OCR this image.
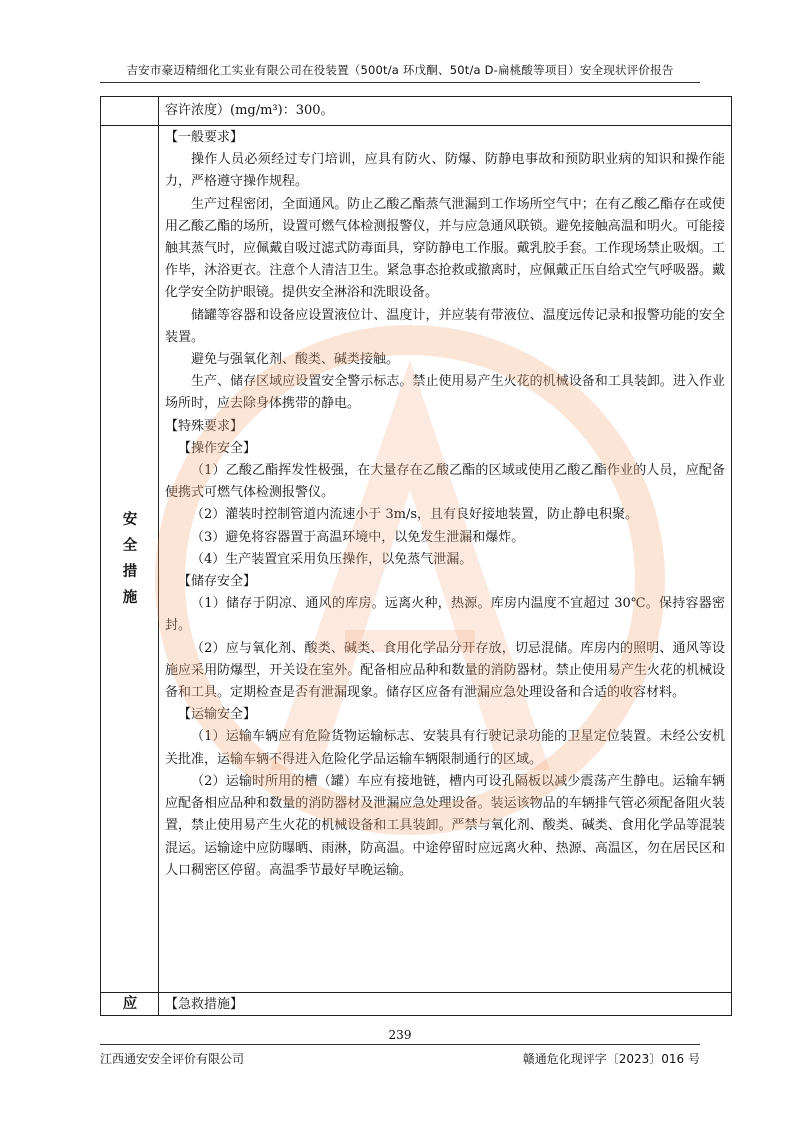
吉安市豪迈精细化工实业有限公司在役装置（500t/a 环戊酮、50t/a D-扁桃酸等项目）安全现状评价报告

容许浓度）(mg/m³)：300。

安
全
措
施

【一般要求】

操作人员必须经过专门培训，应具有防火、防爆、防静电事故和预防职业病的知识和操作能力，严格遵守操作规程。

生产过程密闭，全面通风。防止乙酸乙酯蒸气泄漏到工作场所空气中；在有乙酸乙酯存在或使用乙酸乙酯的场所，设置可燃气体检测报警仪，并与应急通风联锁。避免接触高温和明火。可能接触其蒸气时，应佩戴自吸过滤式防毒面具，穿防静电工作服。戴乳胶手套。工作现场禁止吸烟。工作毕，沐浴更衣。注意个人清洁卫生。紧急事态抢救或撤离时，应佩戴正压自给式空气呼吸器。戴化学安全防护眼镜。提供安全淋浴和洗眼设备。

储罐等容器和设备应设置液位计、温度计，并应装有带液位、温度远传记录和报警功能的安全装置。

避免与强氧化剂、酸类、碱类接触。

生产、储存区域应设置安全警示标志。禁止使用易产生火花的机械设备和工具装卸。进入作业场所时，应去除身体携带的静电。

【特殊要求】

【操作安全】

（1）乙酸乙酯挥发性极强，在大量存在乙酸乙酯的区域或使用乙酸乙酯作业的人员，应配备便携式可燃气体检测报警仪。

（2）灌装时控制管道内流速小于 3m/s，且有良好接地装置，防止静电积聚。

（3）避免将容器置于高温环境中，以免发生泄漏和爆炸。

（4）生产装置宜采用负压操作，以免蒸气泄漏。

【储存安全】

（1）储存于阴凉、通风的库房。远离火种，热源。库房内温度不宜超过 30℃。保持容器密封。

（2）应与氧化剂、酸类、碱类、食用化学品分开存放，切忌混储。库房内的照明、通风等设施应采用防爆型，开关设在室外。配备相应品种和数量的消防器材。禁止使用易产生火花的机械设备和工具。定期检查是否有泄漏现象。储存区应备有泄漏应急处理设备和合适的收容材料。

【运输安全】

（1）运输车辆应有危险货物运输标志、安装具有行驶记录功能的卫星定位装置。未经公安机关批准，运输车辆不得进入危险化学品运输车辆限制通行的区域。

（2）运输时所用的槽（罐）车应有接地链，槽内可设孔隔板以减少震荡产生静电。运输车辆应配备相应品种和数量的消防器材及泄漏应急处理设备。装运该物品的车辆排气管必须配备阻火装置，禁止使用易产生火花的机械设备和工具装卸。严禁与氧化剂、酸类、碱类、食用化学品等混装混运。运输途中应防曝晒、雨淋，防高温。中途停留时应远离火种、热源、高温区，勿在居民区和人口稠密区停留。高温季节最好早晚运输。

应	【急救措施】

239
江西通安安全评价有限公司	赣通危化现评字〔2023〕016 号
